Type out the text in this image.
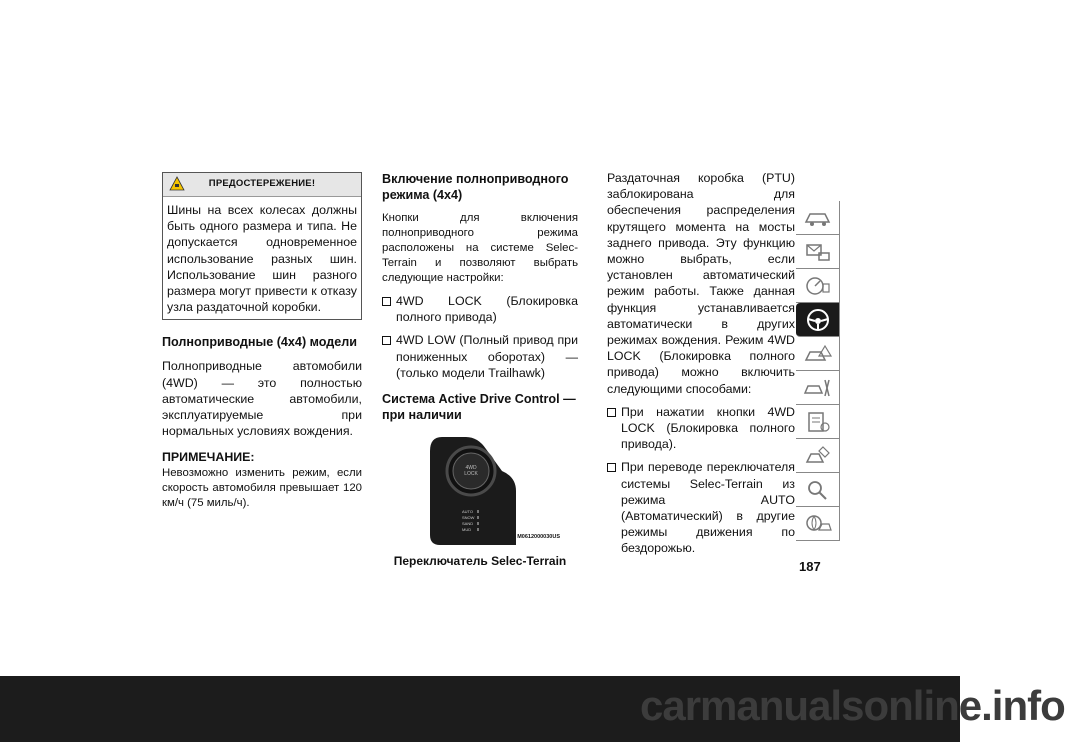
ПРЕДОСТЕРЕЖЕНИЕ!

Шины на всех колесах должны быть одного размера и типа. Не допускается одновременное использование разных шин. Использование шин разного размера могут привести к отказу узла раздаточной коробки.

Полноприводные (4x4) модели

Полноприводные автомобили (4WD) — это полностью автоматические автомобили, эксплуатируемые при нормальных условиях вождения.

ПРИМЕЧАНИЕ:

Невозможно изменить режим, если скорость автомобиля превышает 120 км/ч (75 миль/ч).

Включение полноприводного режима (4x4)

Кнопки для включения полноприводного режима расположены на системе Selec-Terrain и позволяют выбрать следующие настройки:

4WD LOCK (Блокировка полного привода)

4WD LOW (Полный привод при пониженных оборотах) — (только модели Trailhawk)

Система Active Drive Control — при наличии
4WD
LOCK
AUTO
SNOW
SAND
MUD
M0612000030US
Переключатель Selec-Terrain

Раздаточная коробка (PTU) заблокирована для обеспечения распределения крутящего момента на мосты заднего привода. Эту функцию можно выбрать, если установлен автоматический режим работы. Также данная функция устанавливается автоматически в других режимах вождения. Режим 4WD LOCK (Блокировка полного привода) можно включить следующими способами:

При нажатии кнопки 4WD LOCK (Блокировка полного привода).

При переводе переключателя системы Selec-Terrain из режима AUTO (Автоматический) в другие режимы движения по бездорожью.

187
carmanualsonline.info
